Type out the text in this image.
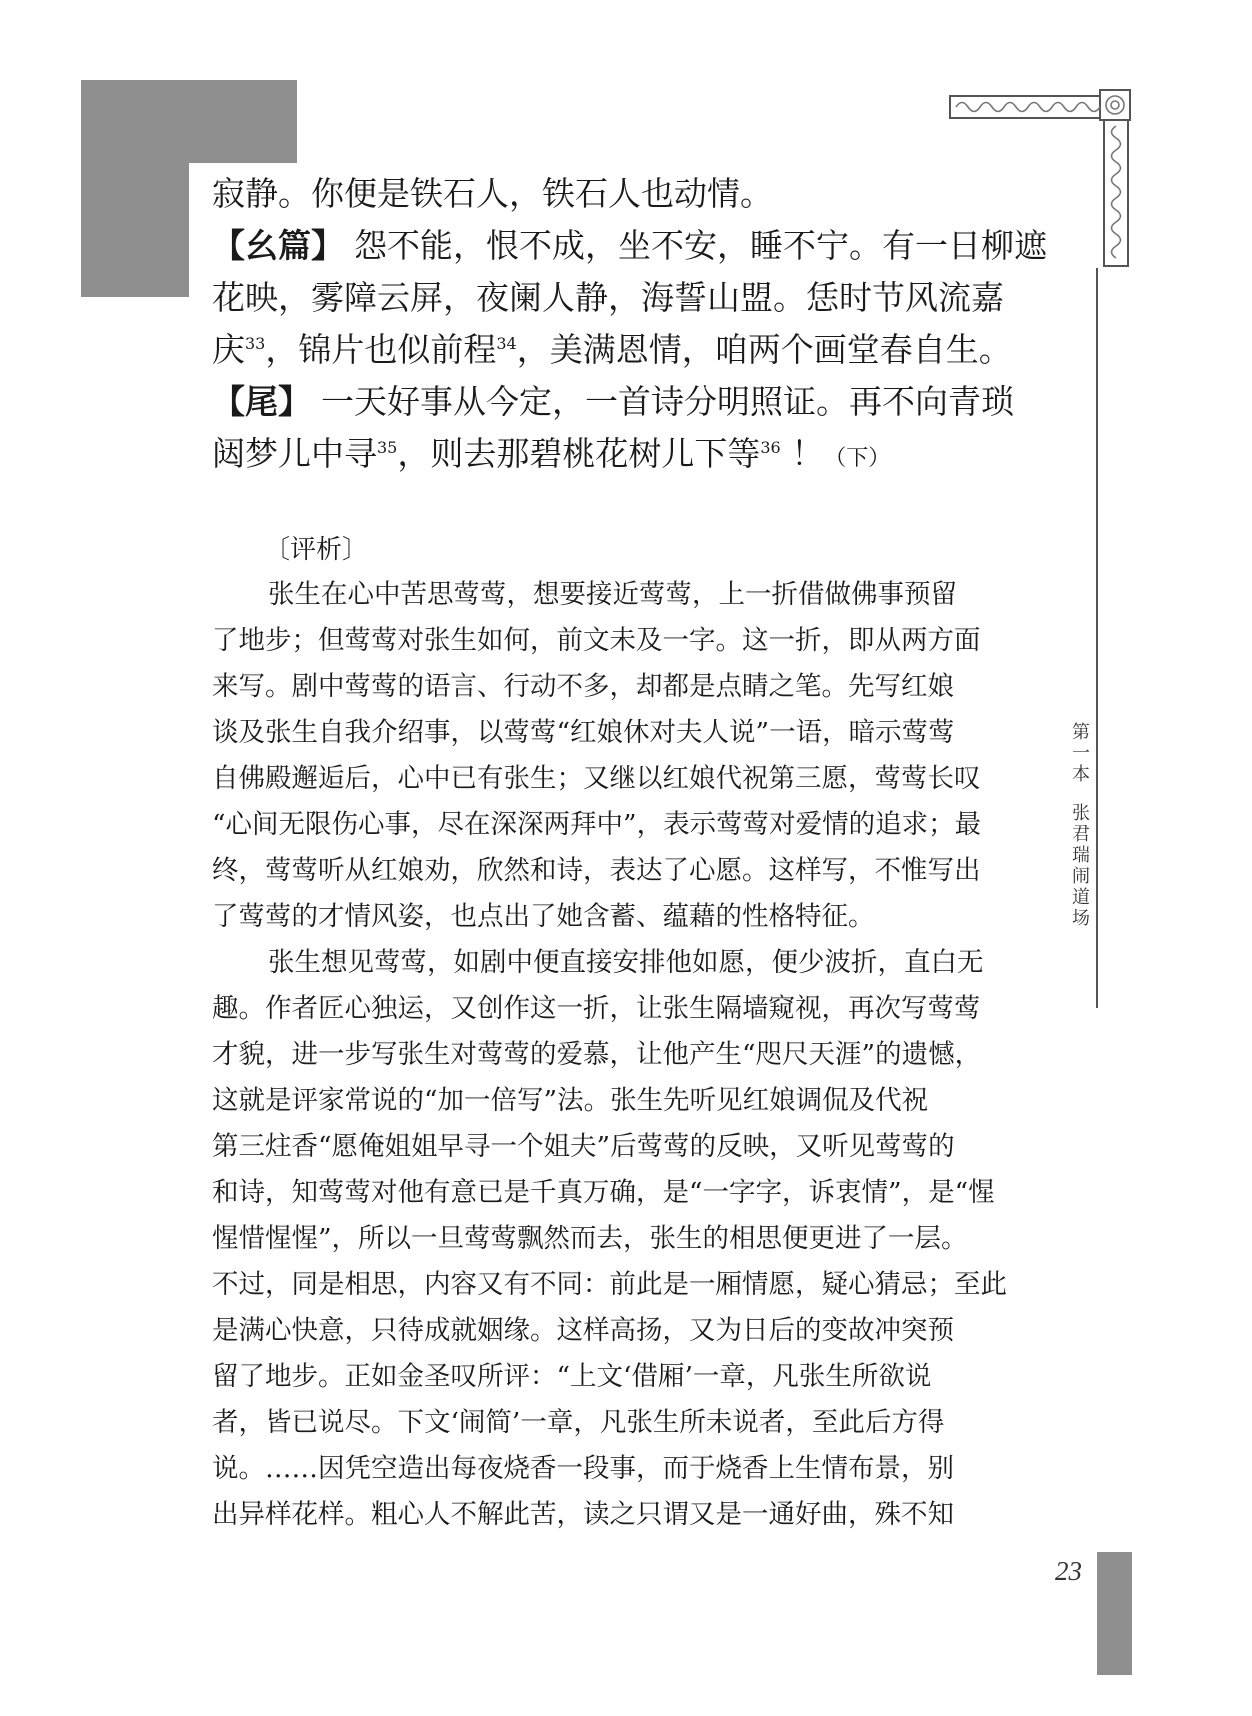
第一本张君瑞闹道场
寂静。你便是铁石人，铁石人也动情。
【幺篇】 怨不能，恨不成，坐不安，睡不宁。有一日柳遮
花映，雾障云屏，夜阑人静，海誓山盟。恁时节风流嘉
庆$^{33}$，锦片也似前程$^{34}$，美满恩情，咱两个画堂春自生。
【尾】 一天好事从今定，一首诗分明照证。再不向青琐
闼梦儿中寻$^{35}$，则去那碧桃花树儿下等$^{36}$ ！（下）
〔评析〕
张生在心中苦思莺莺，想要接近莺莺，上一折借做佛事预留
了地步；但莺莺对张生如何，前文未及一字。这一折，即从两方面
来写。剧中莺莺的语言、行动不多，却都是点睛之笔。先写红娘
谈及张生自我介绍事，以莺莺“红娘休对夫人说”一语，暗示莺莺
自佛殿邂逅后，心中已有张生；又继以红娘代祝第三愿，莺莺长叹
“心间无限伤心事，尽在深深两拜中”，表示莺莺对爱情的追求；最
终，莺莺听从红娘劝，欣然和诗，表达了心愿。这样写，不惟写出
了莺莺的才情风姿，也点出了她含蓄、蕴藉的性格特征。
张生想见莺莺，如剧中便直接安排他如愿，便少波折，直白无
趣。作者匠心独运，又创作这一折，让张生隔墙窥视，再次写莺莺
才貌，进一步写张生对莺莺的爱慕，让他产生“咫尺天涯”的遗憾，
这就是评家常说的“加一倍写”法。张生先听见红娘调侃及代祝
第三炷香“愿俺姐姐早寻一个姐夫”后莺莺的反映，又听见莺莺的
和诗，知莺莺对他有意已是千真万确，是“一字字，诉衷情”，是“惺
惺惜惺惺”，所以一旦莺莺飘然而去，张生的相思便更进了一层。
不过，同是相思，内容又有不同：前此是一厢情愿，疑心猜忌；至此
是满心快意，只待成就姻缘。这样高扬，又为日后的变故冲突预
留了地步。正如金圣叹所评：“上文‘借厢’一章，凡张生所欲说
者，皆已说尽。下文‘闹简’一章，凡张生所未说者，至此后方得
说。……因凭空造出每夜烧香一段事，而于烧香上生情布景，别
出异样花样。粗心人不解此苦，读之只谓又是一通好曲，殊不知
23
